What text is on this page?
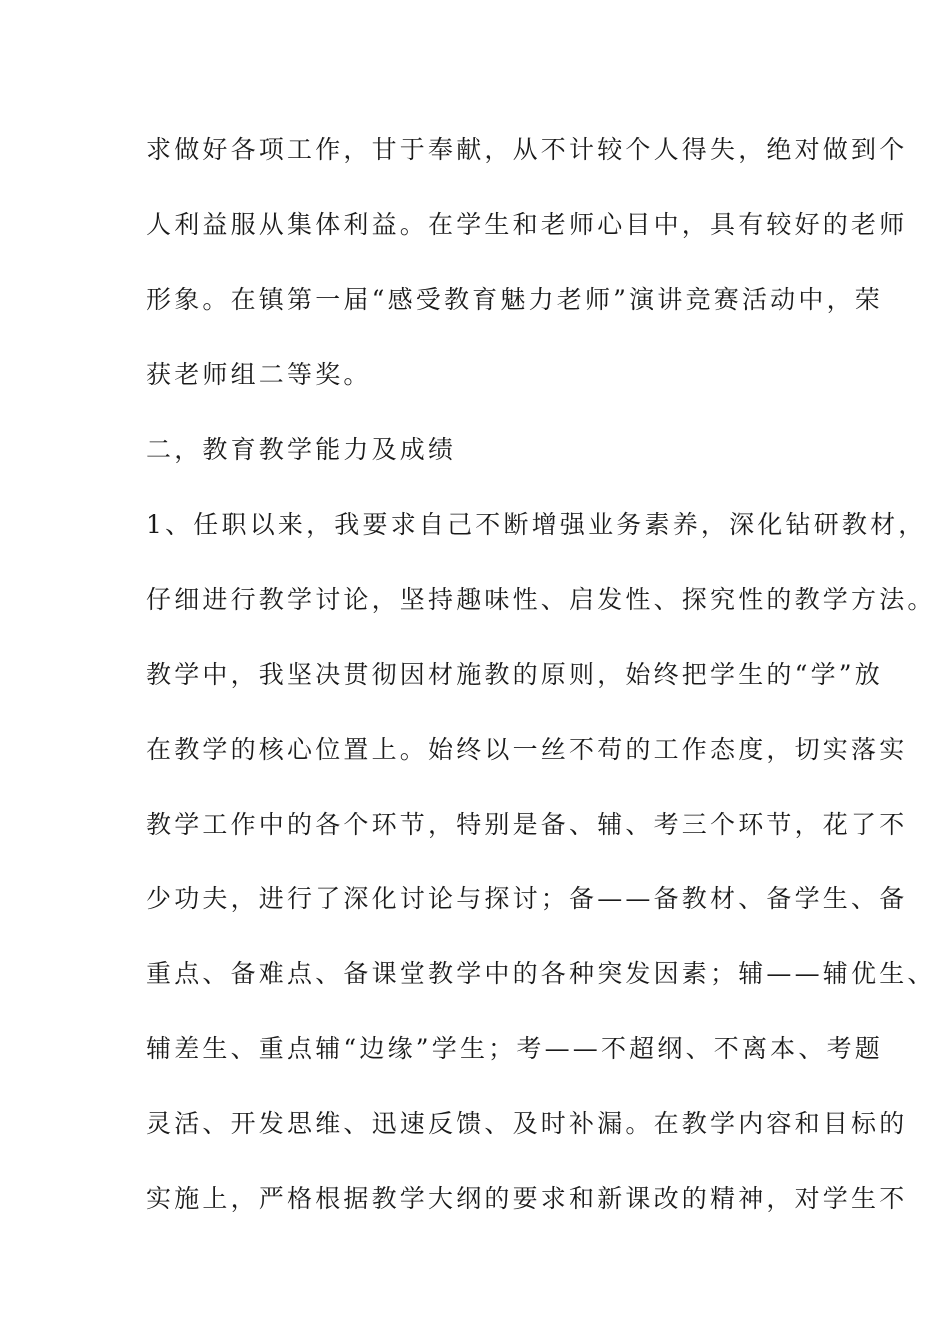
求做好各项工作，甘于奉献，从不计较个人得失，绝对做到个
人利益服从集体利益。在学生和老师心目中，具有较好的老师
形象。在镇第一届“感受教育魅力老师”演讲竞赛活动中，荣
获老师组二等奖。
二，教育教学能力及成绩
1、任职以来，我要求自己不断增强业务素养，深化钻研教材，
仔细进行教学讨论，坚持趣味性、启发性、探究性的教学方法。
教学中，我坚决贯彻因材施教的原则，始终把学生的“学”放
在教学的核心位置上。始终以一丝不苟的工作态度，切实落实
教学工作中的各个环节，特别是备、辅、考三个环节，花了不
少功夫，进行了深化讨论与探讨；备——备教材、备学生、备
重点、备难点、备课堂教学中的各种突发因素；辅——辅优生、
辅差生、重点辅“边缘”学生；考——不超纲、不离本、考题
灵活、开发思维、迅速反馈、及时补漏。在教学内容和目标的
实施上，严格根据教学大纲的要求和新课改的精神，对学生不
